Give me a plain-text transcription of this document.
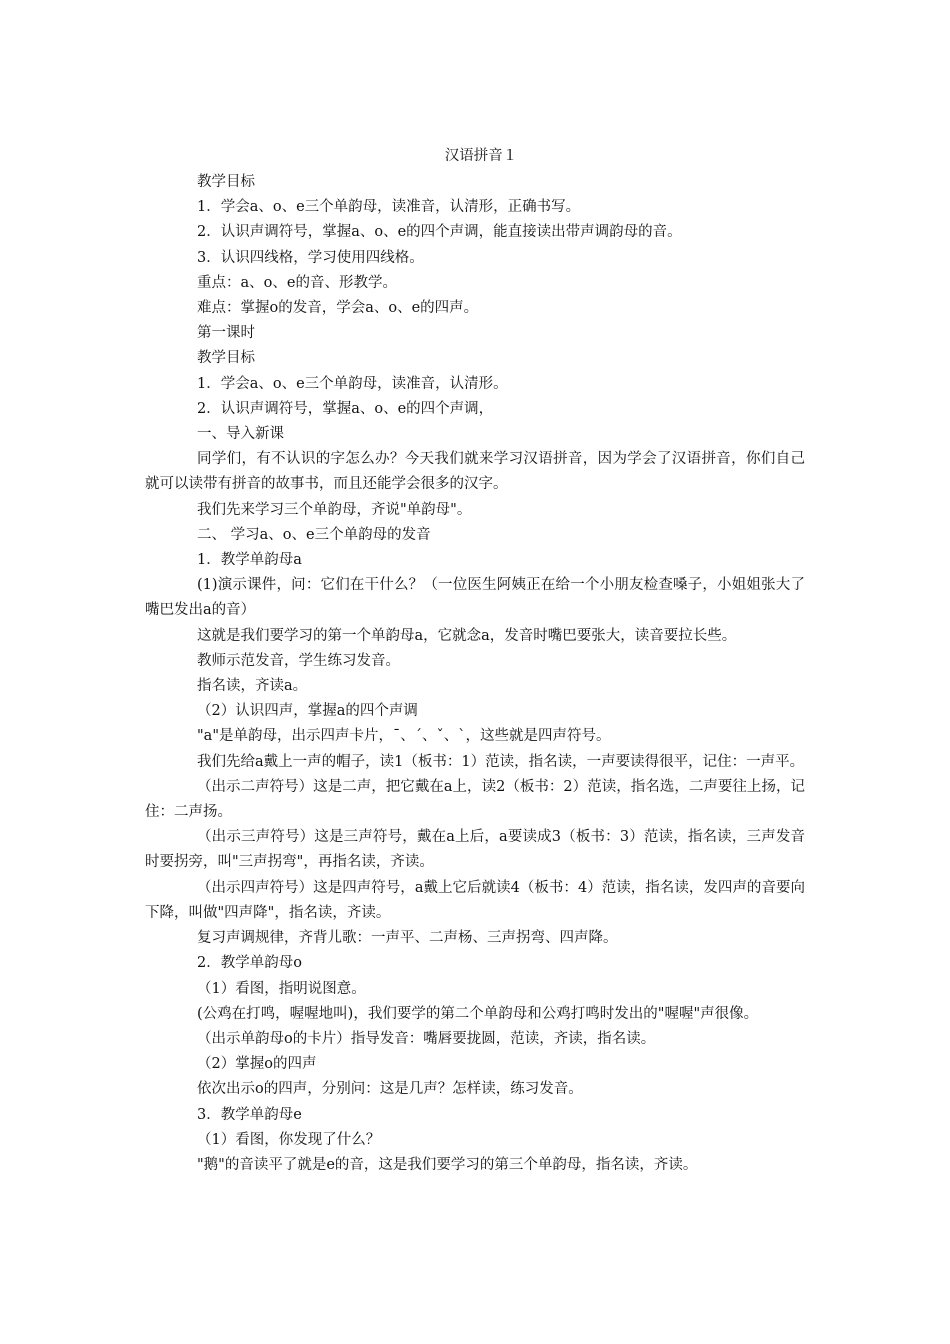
汉语拼音１

教学目标

1．学会a、o、e三个单韵母，读准音，认清形，正确书写。

2．认识声调符号，掌握a、o、e的四个声调，能直接读出带声调韵母的音。

3．认识四线格，学习使用四线格。

重点：a、o、e的音、形教学。

难点：掌握o的发音，学会a、o、e的四声。

第一课时

教学目标

1．学会a、o、e三个单韵母，读准音，认清形。

2．认识声调符号，掌握a、o、e的四个声调，

一、导入新课

同学们，有不认识的字怎么办？今天我们就来学习汉语拼音，因为学会了汉语拼音，你们自己就可以读带有拼音的故事书，而且还能学会很多的汉字。

我们先来学习三个单韵母，齐说"单韵母"。

二、 学习a、o、e三个单韵母的发音

1．教学单韵母a

(1)演示课件，问：它们在干什么？（一位医生阿姨正在给一个小朋友检查嗓子，小姐姐张大了嘴巴发出a的音）

这就是我们要学习的第一个单韵母a，它就念a，发音时嘴巴要张大，读音要拉长些。

教师示范发音，学生练习发音。

指名读，齐读a。

（2）认识四声，掌握a的四个声调

"a"是单韵母，出示四声卡片，ˉ、ˊ、ˇ、ˋ，这些就是四声符号。

我们先给a戴上一声的帽子，读1（板书：1）范读，指名读，一声要读得很平，记住：一声平。

（出示二声符号）这是二声，把它戴在a上，读2（板书：2）范读，指名选，二声要往上扬，记住：二声扬。

（出示三声符号）这是三声符号，戴在a上后，a要读成3（板书：3）范读，指名读，三声发音时要拐旁，叫"三声拐弯"，再指名读，齐读。

（出示四声符号）这是四声符号，a戴上它后就读4（板书：4）范读，指名读，发四声的音要向下降，叫做"四声降"，指名读，齐读。

复习声调规律，齐背儿歌：一声平、二声杨、三声拐弯、四声降。

2．教学单韵母o

（1）看图，指明说图意。

(公鸡在打鸣，喔喔地叫)，我们要学的第二个单韵母和公鸡打鸣时发出的"喔喔"声很像。

（出示单韵母o的卡片）指导发音：嘴唇要拢圆，范读，齐读，指名读。

（2）掌握o的四声

依次出示o的四声，分别问：这是几声？怎样读，练习发音。

3．教学单韵母e

（1）看图，你发现了什么？

"鹅"的音读平了就是e的音，这是我们要学习的第三个单韵母，指名读，齐读。
